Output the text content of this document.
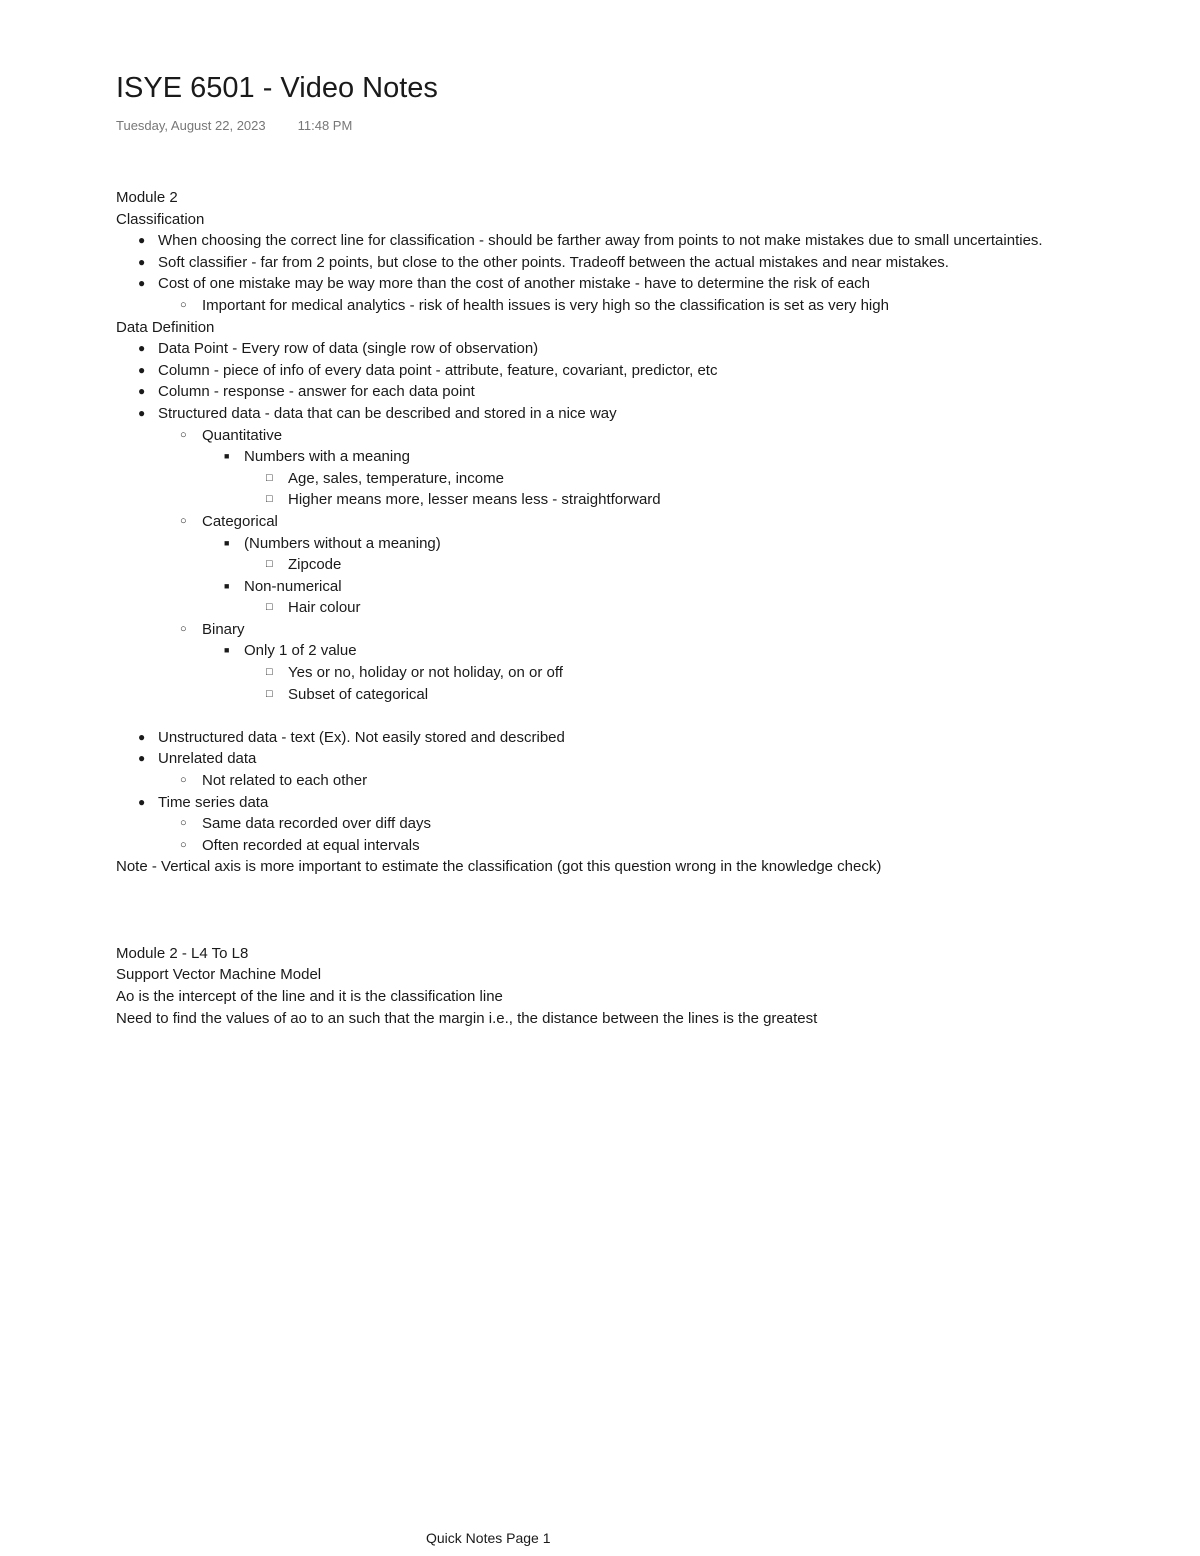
ISYE 6501 - Video Notes
Tuesday, August 22, 2023 11:48 PM
Module 2
Classification
● When choosing the correct line for classification - should be farther away from points to not make mistakes due to small uncertainties.
● Soft classifier - far from 2 points, but close to the other points. Tradeoff between the actual mistakes and near mistakes.
● Cost of one mistake may be way more than the cost of another mistake - have to determine the risk of each
○ Important for medical analytics - risk of health issues is very high so the classification is set as very high
Data Definition
● Data Point - Every row of data (single row of observation)
● Column - piece of info of every data point - attribute, feature, covariant, predictor, etc
● Column - response - answer for each data point
● Structured data - data that can be described and stored in a nice way
○ Quantitative
■ Numbers with a meaning
□ Age, sales, temperature, income
□ Higher means more, lesser means less - straightforward
○ Categorical
■ (Numbers without a meaning)
□ Zipcode
■ Non-numerical
□ Hair colour
○ Binary
■ Only 1 of 2 value
□ Yes or no, holiday or not holiday, on or off
□ Subset of categorical
● Unstructured data - text (Ex). Not easily stored and described
● Unrelated data
○ Not related to each other
● Time series data
○ Same data recorded over diff days
○ Often recorded at equal intervals
Note - Vertical axis is more important to estimate the classification (got this question wrong in the knowledge check)
Module 2 - L4 To L8
Support Vector Machine Model
Ao is the intercept of the line and it is the classification line
Need to find the values of ao to an such that the margin i.e., the distance between the lines is the greatest
Quick Notes Page 1
